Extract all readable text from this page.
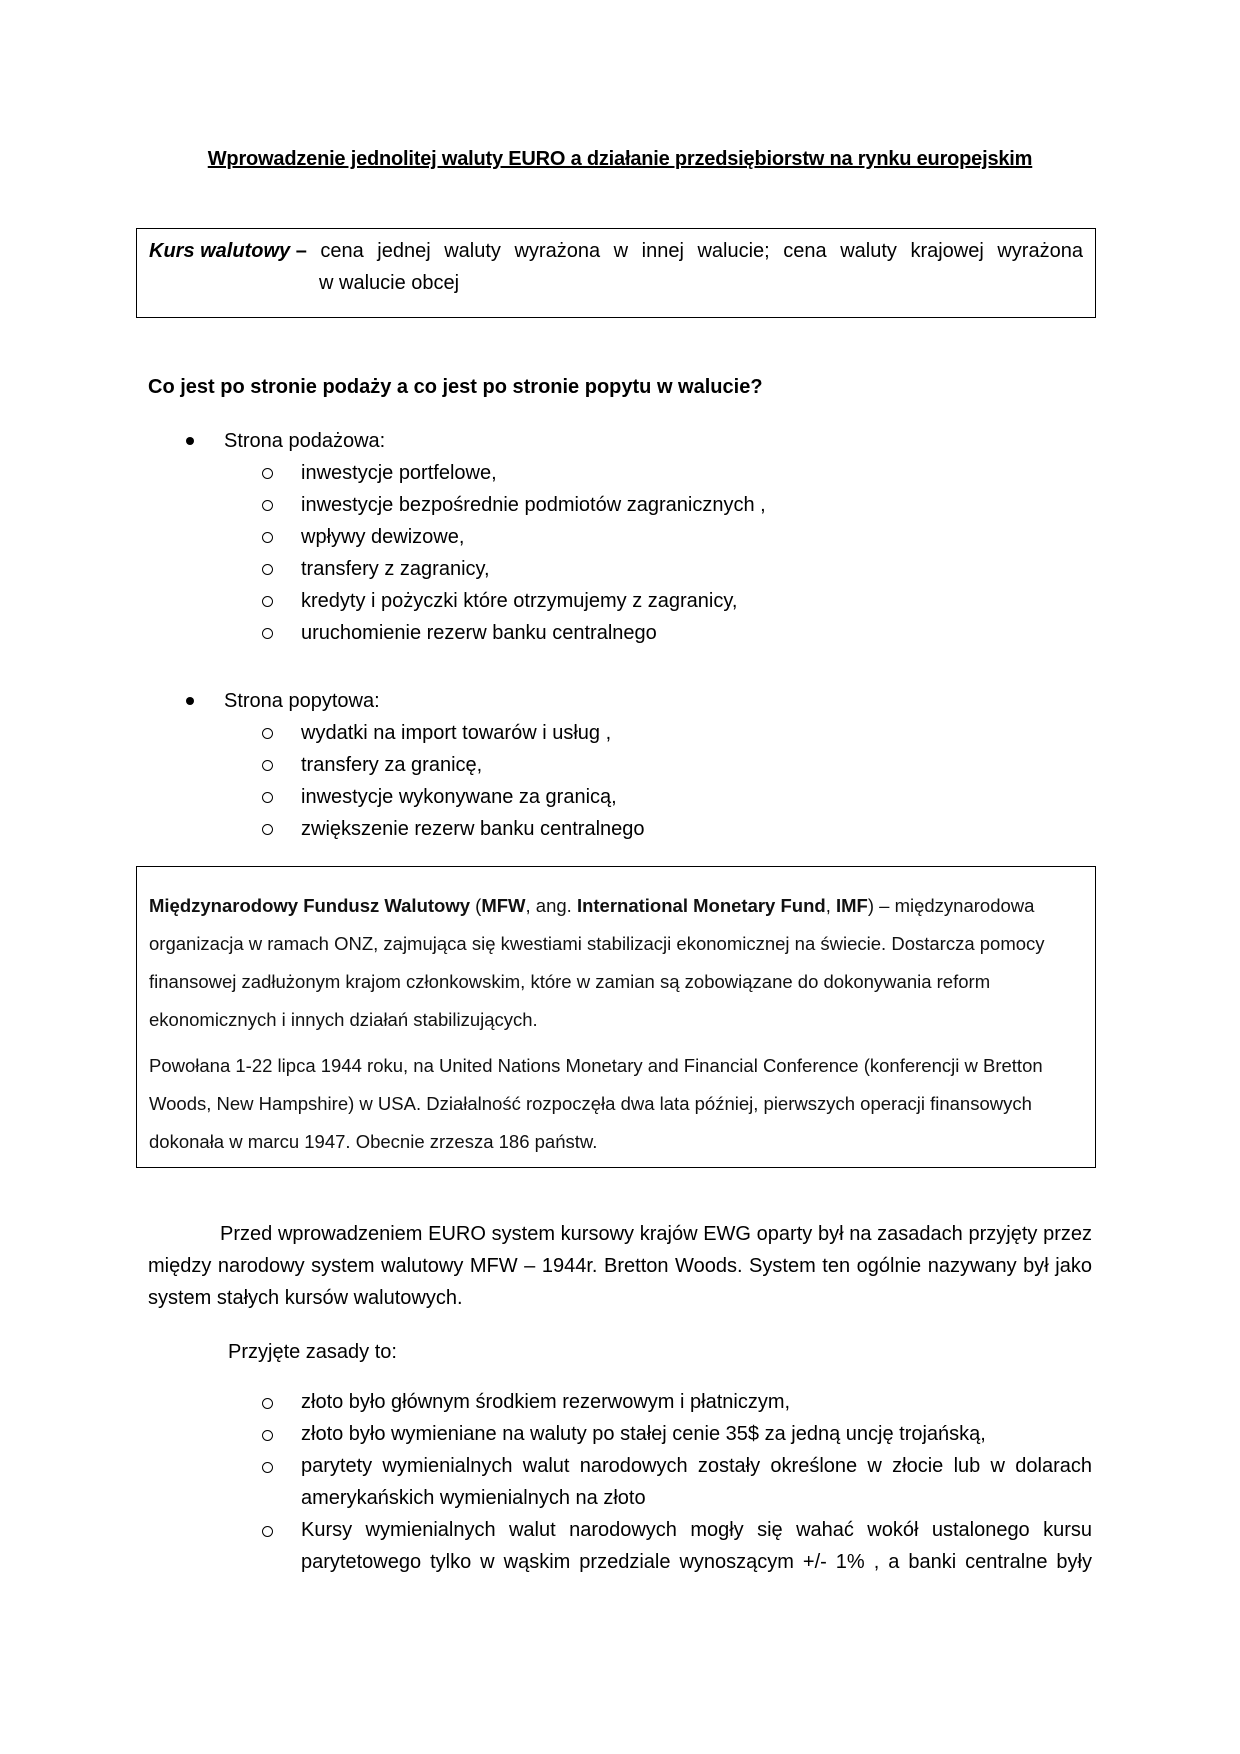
Wprowadzenie jednolitej waluty EURO a działanie przedsiębiorstw na rynku europejskim
Kurs walutowy – cena jednej waluty wyrażona w innej walucie; cena waluty krajowej wyrażona
w walucie obcej
Co jest po stronie podaży a co jest po stronie popytu w walucie?
Strona podażowa:
inwestycje portfelowe,
inwestycje bezpośrednie podmiotów zagranicznych ,
wpływy dewizowe,
transfery z zagranicy,
kredyty i pożyczki które otrzymujemy z zagranicy,
uruchomienie rezerw banku centralnego
Strona popytowa:
wydatki na import towarów i usług ,
transfery za granicę,
inwestycje wykonywane za granicą,
zwiększenie rezerw banku centralnego

Międzynarodowy Fundusz Walutowy (MFW, ang. International Monetary Fund, IMF) – międzynarodowa organizacja w ramach ONZ, zajmująca się kwestiami stabilizacji ekonomicznej na świecie. Dostarcza pomocy finansowej zadłużonym krajom członkowskim, które w zamian są zobowiązane do dokonywania reform ekonomicznych i innych działań stabilizujących.

Powołana 1-22 lipca 1944 roku, na United Nations Monetary and Financial Conference (konferencji w Bretton Woods, New Hampshire) w USA. Działalność rozpoczęła dwa lata później, pierwszych operacji finansowych dokonała w marcu 1947. Obecnie zrzesza 186 państw.

Przed wprowadzeniem EURO system kursowy krajów EWG oparty był na zasadach przyjęty przez między narodowy system walutowy MFW – 1944r. Bretton Woods. System ten ogólnie nazywany był jako system stałych kursów walutowych.
Przyjęte zasady to:
złoto było głównym środkiem rezerwowym i płatniczym,
złoto było wymieniane na waluty po stałej cenie 35$ za jedną uncję trojańską,
parytety wymienialnych walut narodowych zostały określone w złocie lub w dolarach amerykańskich wymienialnych na złoto
Kursy wymienialnych walut narodowych mogły się wahać wokół ustalonego kursu parytetowego tylko w wąskim przedziale wynoszącym +/- 1% , a banki centralne były
